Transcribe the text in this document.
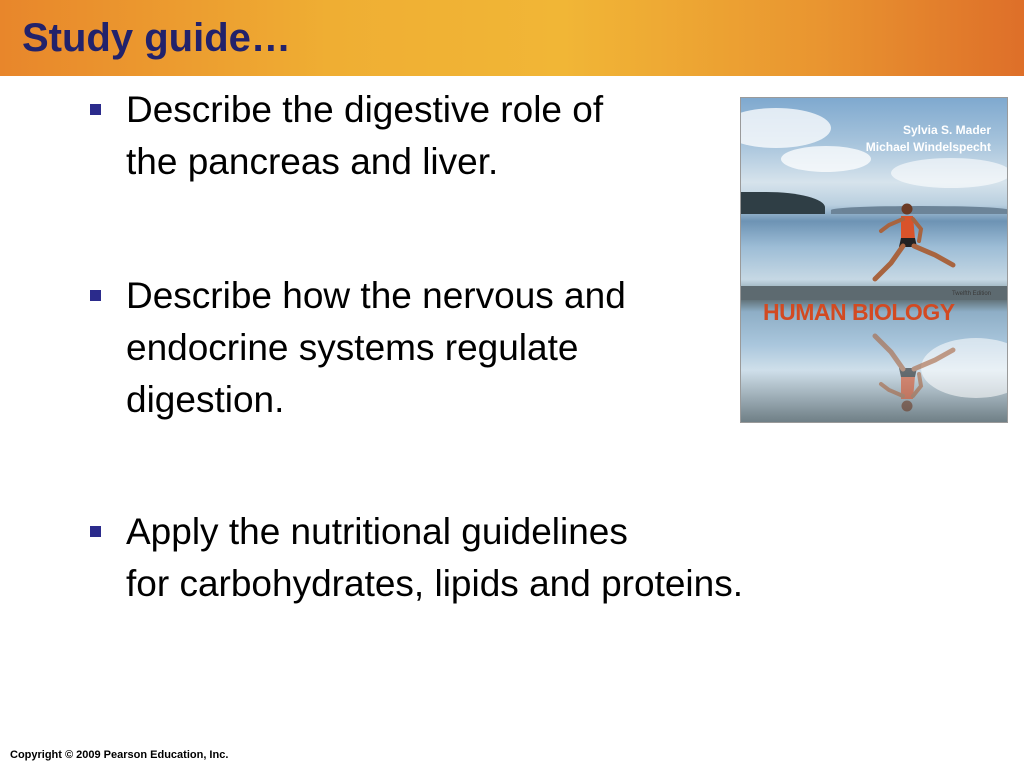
Study guide…
Describe the digestive role of
the pancreas and liver.
Describe how the nervous and
endocrine systems regulate
digestion.
Apply the nutritional guidelines
for carbohydrates, lipids and proteins.
Sylvia S. Mader
Michael Windelspecht
Twelfth Edition
HUMAN BIOLOGY
Copyright © 2009 Pearson Education, Inc.
